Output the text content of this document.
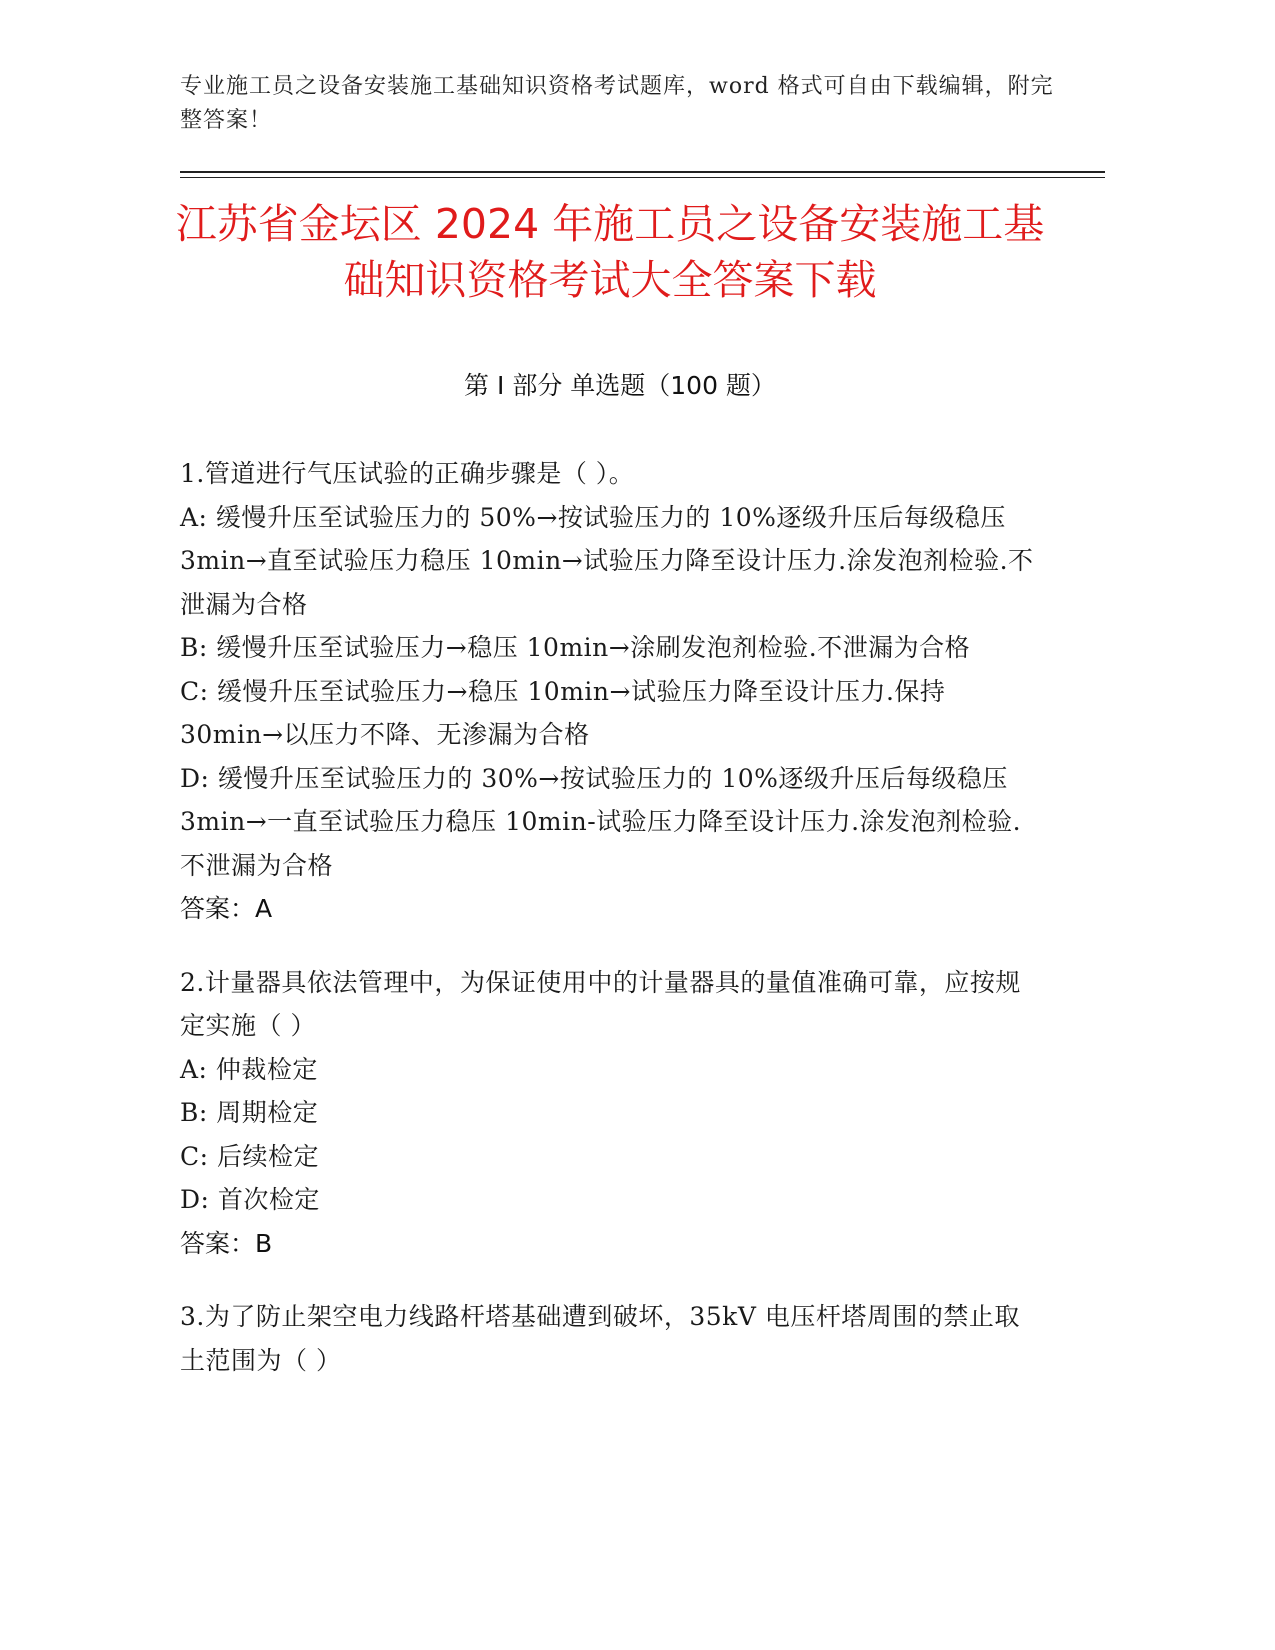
专业施工员之设备安装施工基础知识资格考试题库，word 格式可自由下载编辑，附完整答案！
江苏省金坛区 2024 年施工员之设备安装施工基础知识资格考试大全答案下载
第 I 部分 单选题（100 题）
1.管道进行气压试验的正确步骤是（ ）。
A: 缓慢升压至试验压力的 50%→按试验压力的 10%逐级升压后每级稳压 3min→直至试验压力稳压 10min→试验压力降至设计压力.涂发泡剂检验.不泄漏为合格
B: 缓慢升压至试验压力→稳压 10min→涂刷发泡剂检验.不泄漏为合格
C: 缓慢升压至试验压力→稳压 10min→试验压力降至设计压力.保持 30min→以压力不降、无渗漏为合格
D: 缓慢升压至试验压力的 30%→按试验压力的 10%逐级升压后每级稳压 3min→一直至试验压力稳压 10min-试验压力降至设计压力.涂发泡剂检验.不泄漏为合格
答案：A
2.计量器具依法管理中，为保证使用中的计量器具的量值准确可靠，应按规定实施（ ）
A: 仲裁检定
B: 周期检定
C: 后续检定
D: 首次检定
答案：B
3.为了防止架空电力线路杆塔基础遭到破坏，35kV 电压杆塔周围的禁止取土范围为（ ）
